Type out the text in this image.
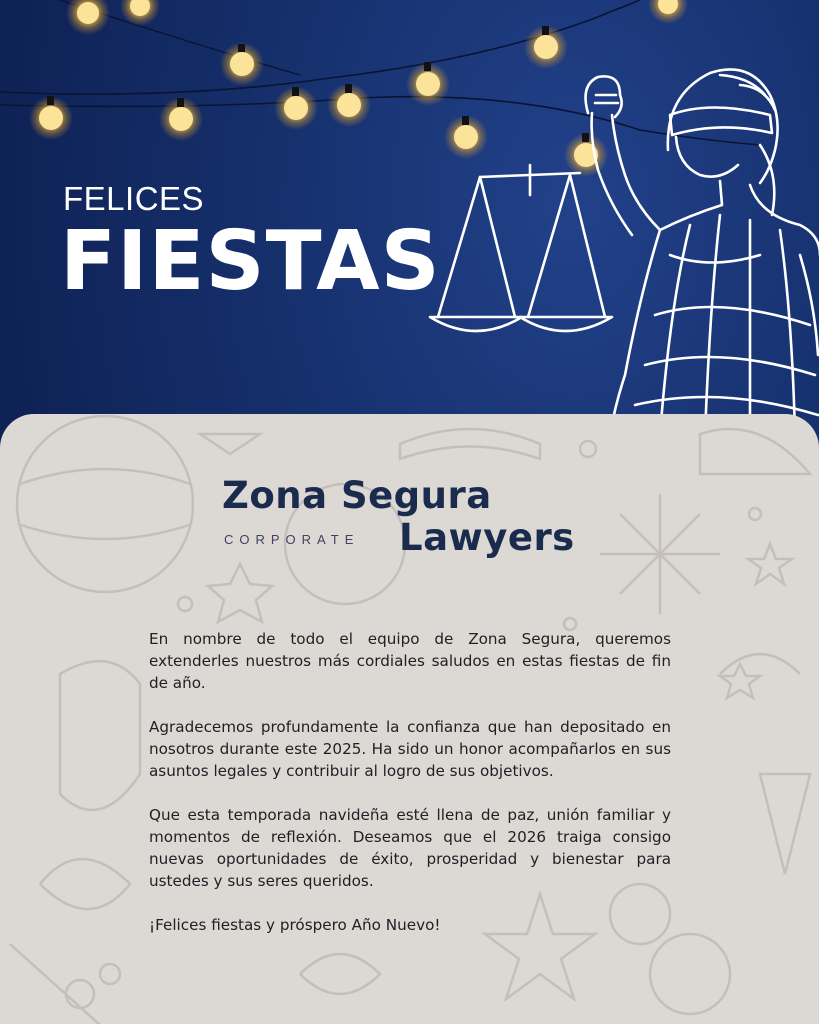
FELICES
FIESTAS
Zona Segura
CORPORATE Lawyers

En nombre de todo el equipo de Zona Segura, queremos extenderles nuestros más cordiales saludos en estas fiestas de fin de año.

Agradecemos profundamente la confianza que han depositado en nosotros durante este 2025. Ha sido un honor acompañarlos en sus asuntos legales y contribuir al logro de sus objetivos.

Que esta temporada navideña esté llena de paz, unión familiar y momentos de reflexión. Deseamos que el 2026 traiga consigo nuevas oportunidades de éxito, prosperidad y bienestar para ustedes y sus seres queridos.

¡Felices fiestas y próspero Año Nuevo!
